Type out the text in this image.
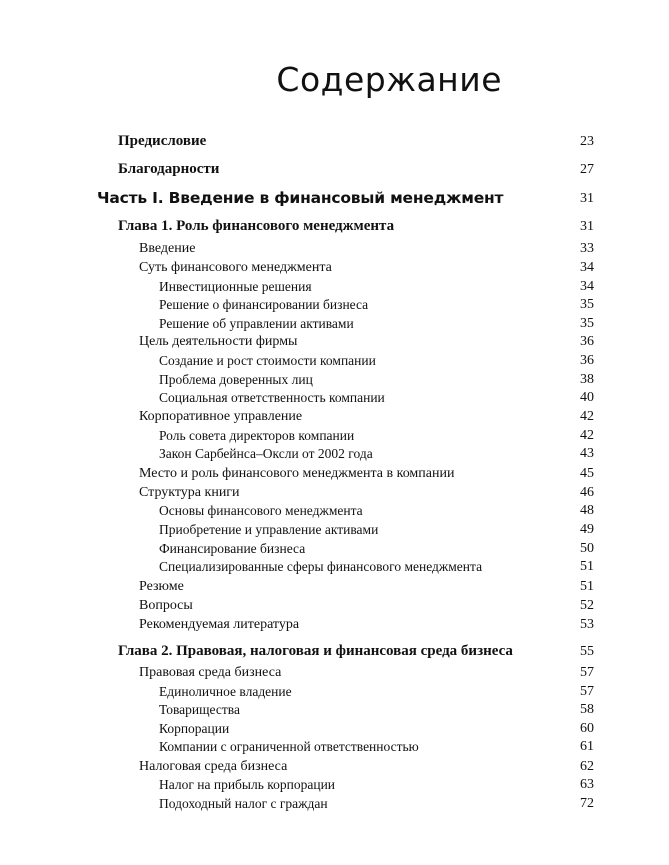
Содержание
Предисловие	23
Благодарности	27
Часть I. Введение в финансовый менеджмент	31
Глава 1. Роль финансового менеджмента	31
Введение	33
Суть финансового менеджмента	34
Инвестиционные решения	34
Решение о финансировании бизнеса	35
Решение об управлении активами	35
Цель деятельности фирмы	36
Создание и рост стоимости компании	36
Проблема доверенных лиц	38
Социальная ответственность компании	40
Корпоративное управление	42
Роль совета директоров компании	42
Закон Сарбейнса–Оксли от 2002 года	43
Место и роль финансового менеджмента в компании	45
Структура книги	46
Основы финансового менеджмента	48
Приобретение и управление активами	49
Финансирование бизнеса	50
Специализированные сферы финансового менеджмента	51
Резюме	51
Вопросы	52
Рекомендуемая литература	53
Глава 2. Правовая, налоговая и финансовая среда бизнеса	55
Правовая среда бизнеса	57
Единоличное владение	57
Товарищества	58
Корпорации	60
Компании с ограниченной ответственностью	61
Налоговая среда бизнеса	62
Налог на прибыль корпорации	63
Подоходный налог с граждан	72
